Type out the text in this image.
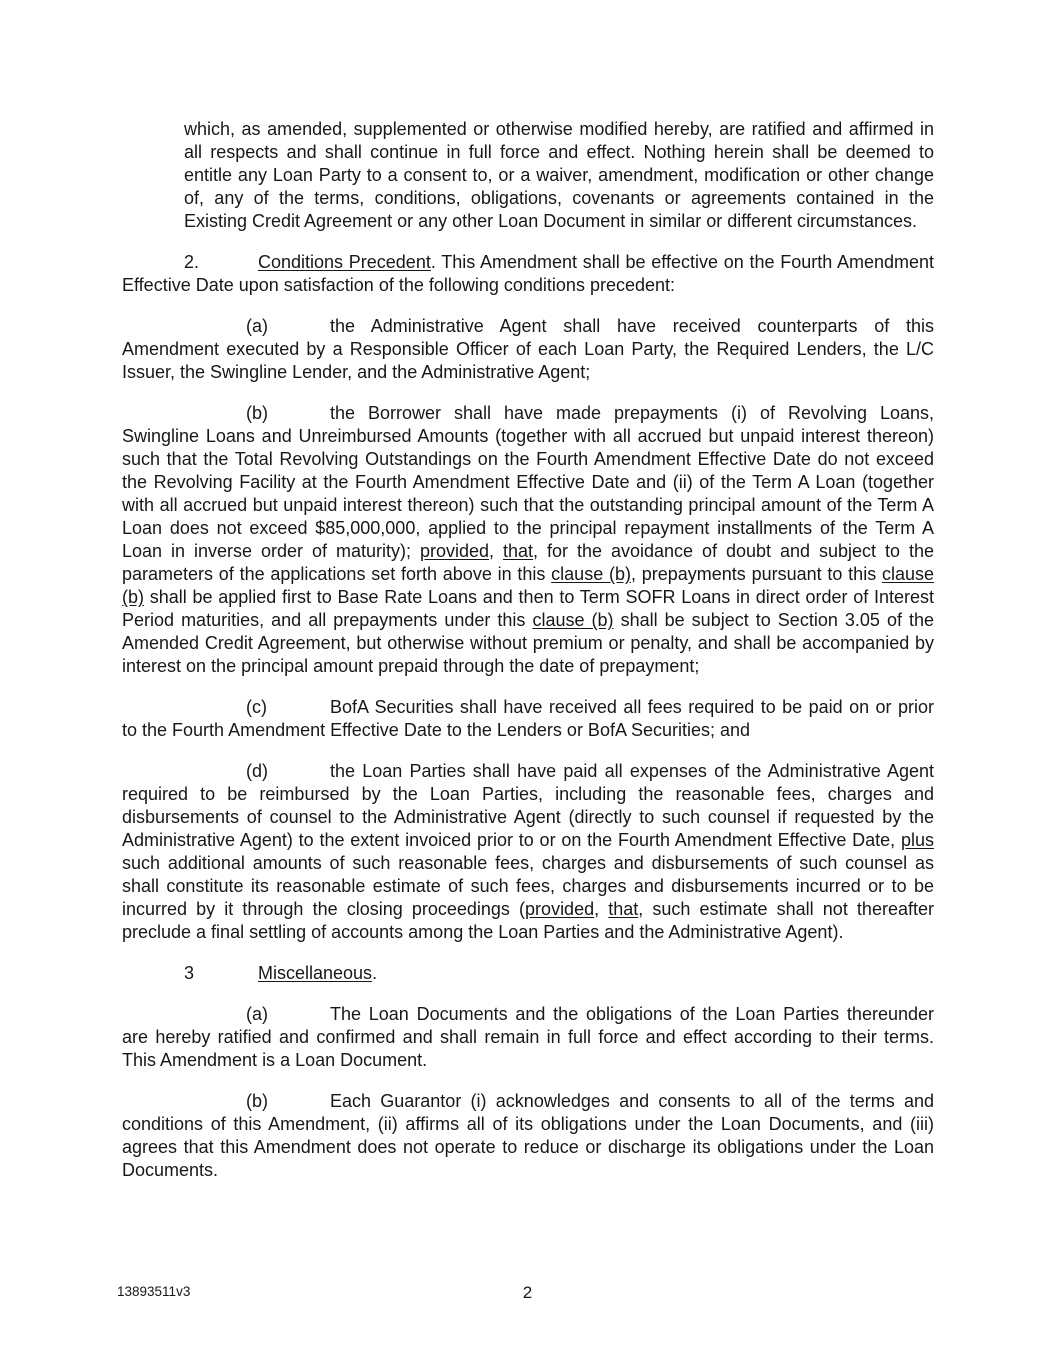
which, as amended, supplemented or otherwise modified hereby, are ratified and affirmed in all respects and shall continue in full force and effect. Nothing herein shall be deemed to entitle any Loan Party to a consent to, or a waiver, amendment, modification or other change of, any of the terms, conditions, obligations, covenants or agreements contained in the Existing Credit Agreement or any other Loan Document in similar or different circumstances.

2.	Conditions Precedent. This Amendment shall be effective on the Fourth Amendment Effective Date upon satisfaction of the following conditions precedent:

(a)	the Administrative Agent shall have received counterparts of this Amendment executed by a Responsible Officer of each Loan Party, the Required Lenders, the L/C Issuer, the Swingline Lender, and the Administrative Agent;

(b)	the Borrower shall have made prepayments (i) of Revolving Loans, Swingline Loans and Unreimbursed Amounts (together with all accrued but unpaid interest thereon) such that the Total Revolving Outstandings on the Fourth Amendment Effective Date do not exceed the Revolving Facility at the Fourth Amendment Effective Date and (ii) of the Term A Loan (together with all accrued but unpaid interest thereon) such that the outstanding principal amount of the Term A Loan does not exceed $85,000,000, applied to the principal repayment installments of the Term A Loan in inverse order of maturity); provided, that, for the avoidance of doubt and subject to the parameters of the applications set forth above in this clause (b), prepayments pursuant to this clause (b) shall be applied first to Base Rate Loans and then to Term SOFR Loans in direct order of Interest Period maturities, and all prepayments under this clause (b) shall be subject to Section 3.05 of the Amended Credit Agreement, but otherwise without premium or penalty, and shall be accompanied by interest on the principal amount prepaid through the date of prepayment;

(c)	BofA Securities shall have received all fees required to be paid on or prior to the Fourth Amendment Effective Date to the Lenders or BofA Securities; and

(d)	the Loan Parties shall have paid all expenses of the Administrative Agent required to be reimbursed by the Loan Parties, including the reasonable fees, charges and disbursements of counsel to the Administrative Agent (directly to such counsel if requested by the Administrative Agent) to the extent invoiced prior to or on the Fourth Amendment Effective Date, plus such additional amounts of such reasonable fees, charges and disbursements of such counsel as shall constitute its reasonable estimate of such fees, charges and disbursements incurred or to be incurred by it through the closing proceedings (provided, that, such estimate shall not thereafter preclude a final settling of accounts among the Loan Parties and the Administrative Agent).

3	Miscellaneous.

(a)	The Loan Documents and the obligations of the Loan Parties thereunder are hereby ratified and confirmed and shall remain in full force and effect according to their terms. This Amendment is a Loan Document.

(b)	Each Guarantor (i) acknowledges and consents to all of the terms and conditions of this Amendment, (ii) affirms all of its obligations under the Loan Documents, and (iii) agrees that this Amendment does not operate to reduce or discharge its obligations under the Loan Documents.

13893511v3	2
